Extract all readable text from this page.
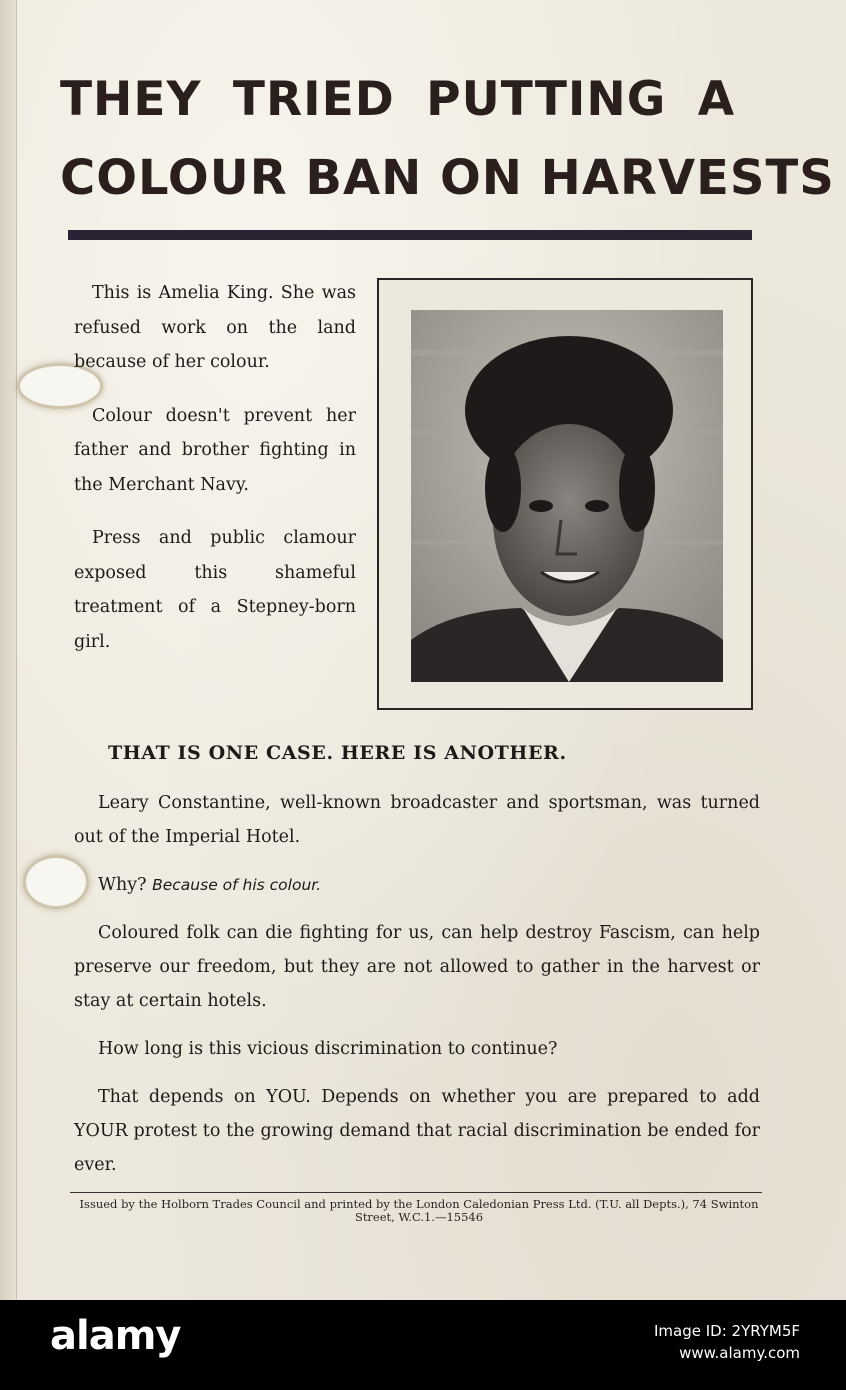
THEY TRIED PUTTING A
COLOUR BAN ON HARVESTS

This is Amelia King. She was refused work on the land because of her colour.

Colour doesn't prevent her father and brother fighting in the Merchant Navy.

Press and public clamour exposed this shameful treatment of a Stepney-born girl.

THAT IS ONE CASE. HERE IS ANOTHER.

Leary Constantine, well-known broadcaster and sportsman, was turned out of the Imperial Hotel.

Why? Because of his colour.

Coloured folk can die fighting for us, can help destroy Fascism, can help preserve our freedom, but they are not allowed to gather in the harvest or stay at certain hotels.

How long is this vicious discrimination to continue?

That depends on YOU. Depends on whether you are prepared to add YOUR protest to the growing demand that racial discrimination be ended for ever.

Issued by the Holborn Trades Council and printed by the London Caledonian Press Ltd. (T.U. all Depts.), 74 Swinton Street, W.C.1.—15546

alamy	Image ID: 2YRYM5F
www.alamy.com
